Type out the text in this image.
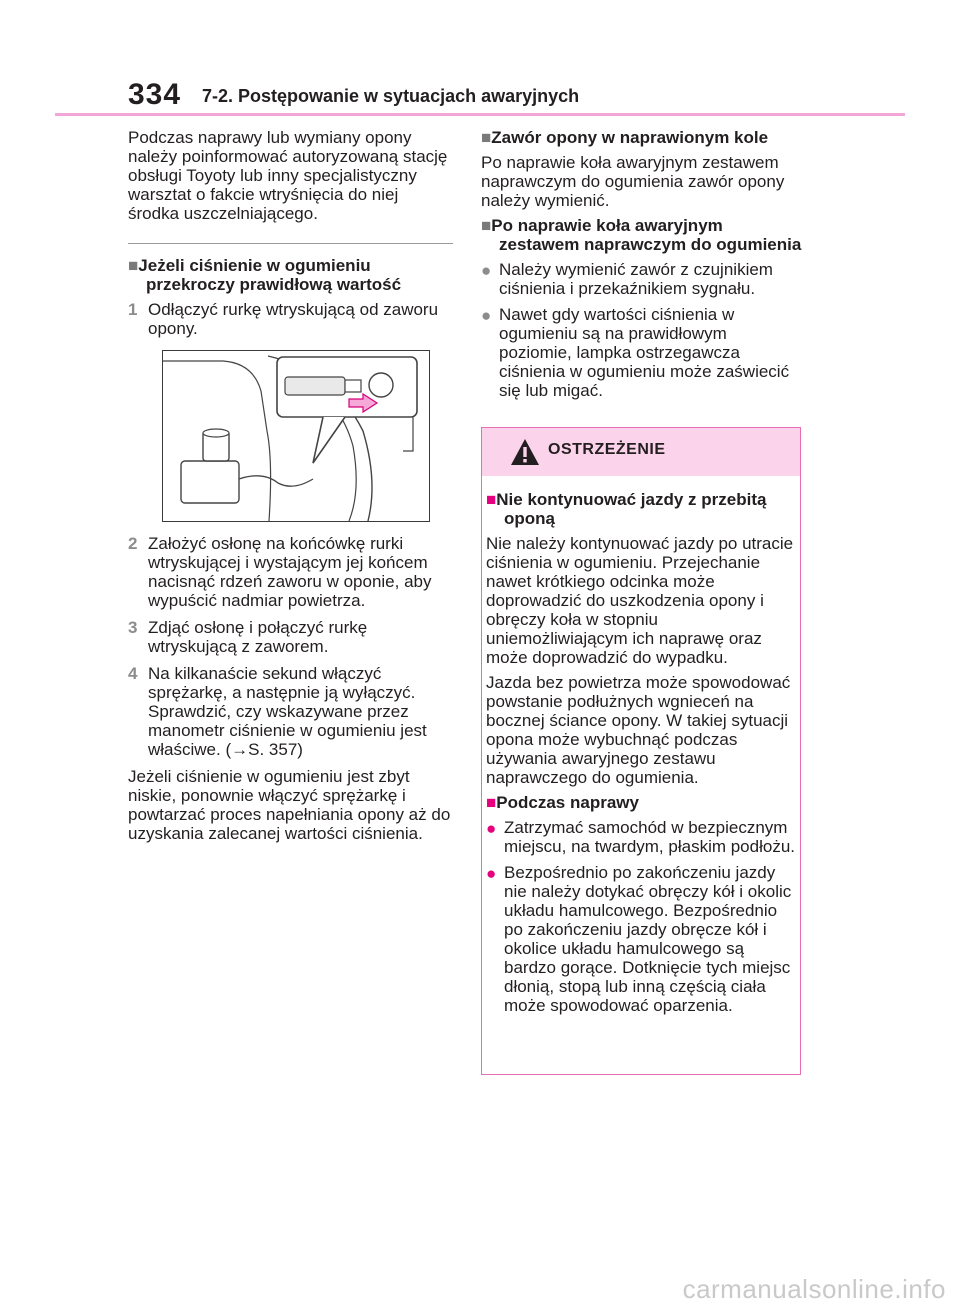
334 7-2. Postępowanie w sytuacjach awaryjnych

Podczas naprawy lub wymiany opony należy poinformować autoryzowaną stację obsługi Toyoty lub inny specjalistyczny warsztat o fakcie wtryśnięcia do niej środka uszczelniającego.

■Jeżeli ciśnienie w ogumieniu przekroczy prawidłową wartość

1 Odłączyć rurkę wtryskującą od zaworu opony.
2 Założyć osłonę na końcówkę rurki wtryskującej i wystającym jej końcem nacisnąć rdzeń zaworu w oponie, aby wypuścić nadmiar powietrza.
3 Zdjąć osłonę i połączyć rurkę wtryskującą z zaworem.
4 Na kilkanaście sekund włączyć sprężarkę, a następnie ją wyłączyć. Sprawdzić, czy wskazywane przez manometr ciśnienie w ogumieniu jest właściwe. (→S. 357)

Jeżeli ciśnienie w ogumieniu jest zbyt niskie, ponownie włączyć sprężarkę i powtarzać proces napełniania opony aż do uzyskania zalecanej wartości ciśnienia.

■Zawór opony w naprawionym kole

Po naprawie koła awaryjnym zestawem naprawczym do ogumienia zawór opony należy wymienić.

■Po naprawie koła awaryjnym zestawem naprawczym do ogumienia

● Należy wymienić zawór z czujnikiem ciśnienia i przekaźnikiem sygnału.
● Nawet gdy wartości ciśnienia w ogumieniu są na prawidłowym poziomie, lampka ostrzegawcza ciśnienia w ogumieniu może zaświecić się lub migać.
OSTRZEŻENIE

■Nie kontynuować jazdy z przebitą oponą

Nie należy kontynuować jazdy po utracie ciśnienia w ogumieniu. Przejechanie nawet krótkiego odcinka może doprowadzić do uszkodzenia opony i obręczy koła w stopniu uniemożliwiającym ich naprawę oraz może doprowadzić do wypadku.

Jazda bez powietrza może spowodować powstanie podłużnych wgnieceń na bocznej ściance opony. W takiej sytuacji opona może wybuchnąć podczas używania awaryjnego zestawu naprawczego do ogumienia.

■Podczas naprawy

● Zatrzymać samochód w bezpiecznym miejscu, na twardym, płaskim podłożu.
● Bezpośrednio po zakończeniu jazdy nie należy dotykać obręczy kół i okolic układu hamulcowego. Bezpośrednio po zakończeniu jazdy obręcze kół i okolice układu hamulcowego są bardzo gorące. Dotknięcie tych miejsc dłonią, stopą lub inną częścią ciała może spowodować oparzenia.
carmanualsonline.info
